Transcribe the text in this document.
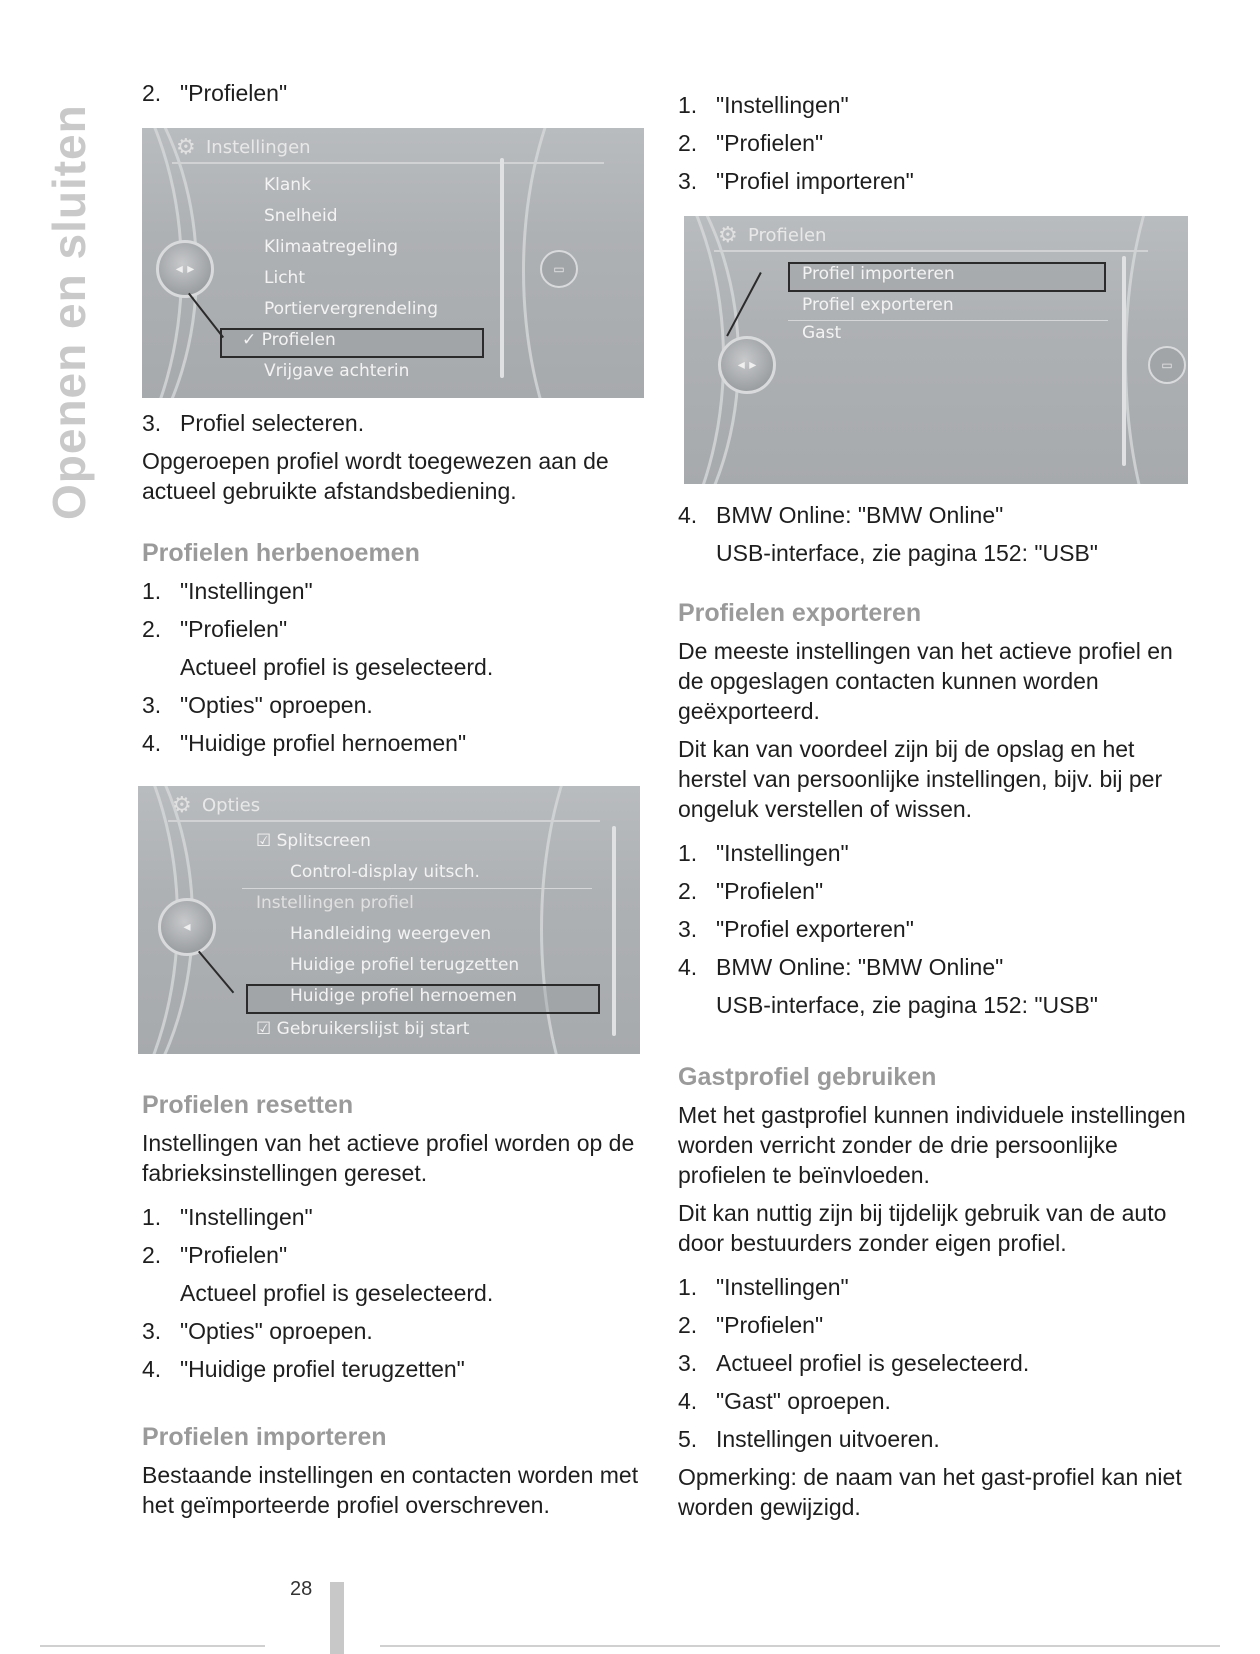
Openen en sluiten
2. "Profielen"
⚙ Instellingen
Klank
Snelheid
Klimaatregeling
Licht
Portiervergrendeling
✓ Profielen
Vrijgave achterin
◂ ▸	▭
3. Profiel selecteren.

Opgeroepen profiel wordt toegewezen aan de actueel gebruikte afstandsbediening.

Profielen herbenoemen
1. "Instellingen"
2. "Profielen"
Actueel profiel is geselecteerd.
3. "Opties" oproepen.
4. "Huidige profiel hernoemen"
⚙ Opties
☑ Splitscreen
Control-display uitsch.
Instellingen profiel
Handleiding weergeven
Huidige profiel terugzetten
Huidige profiel hernoemen
☑ Gebruikerslijst bij start
◂
Profielen resetten

Instellingen van het actieve profiel worden op de fabrieksinstellingen gereset.

1. "Instellingen"
2. "Profielen"
Actueel profiel is geselecteerd.
3. "Opties" oproepen.
4. "Huidige profiel terugzetten"
Profielen importeren

Bestaande instellingen en contacten worden met het geïmporteerde profiel overschreven.

1. "Instellingen"
2. "Profielen"
3. "Profiel importeren"
⚙ Profielen
Profiel importeren
Profiel exporteren
Gast
◂ ▸	▭
4. BMW Online: "BMW Online"
USB-interface, zie pagina 152: "USB"
Profielen exporteren

De meeste instellingen van het actieve profiel en de opgeslagen contacten kunnen worden geëxporteerd.

Dit kan van voordeel zijn bij de opslag en het herstel van persoonlijke instellingen, bijv. bij per ongeluk verstellen of wissen.

1. "Instellingen"
2. "Profielen"
3. "Profiel exporteren"
4. BMW Online: "BMW Online"
USB-interface, zie pagina 152: "USB"
Gastprofiel gebruiken

Met het gastprofiel kunnen individuele instellingen worden verricht zonder de drie persoonlijke profielen te beïnvloeden.

Dit kan nuttig zijn bij tijdelijk gebruik van de auto door bestuurders zonder eigen profiel.

1. "Instellingen"
2. "Profielen"
3. Actueel profiel is geselecteerd.
4. "Gast" oproepen.
5. Instellingen uitvoeren.

Opmerking: de naam van het gast-profiel kan niet worden gewijzigd.

28
